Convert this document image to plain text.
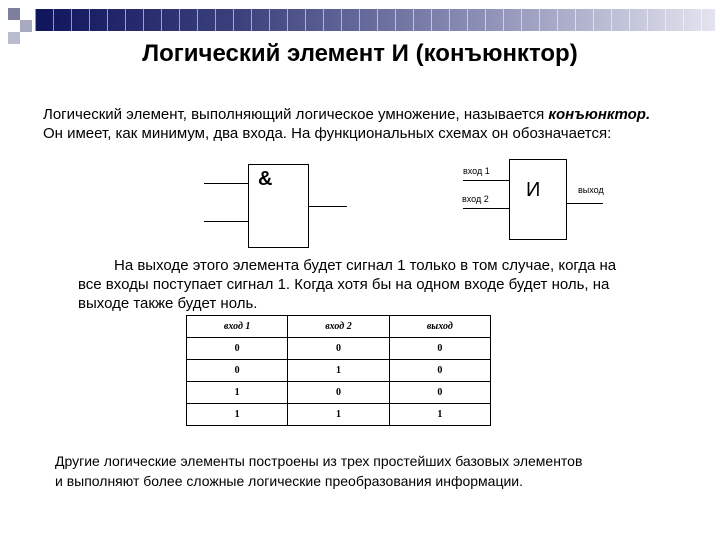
Логический элемент И (конъюнктор)
Логический элемент, выполняющий логическое умножение, называется конъюнктор.
Он имеет, как минимум, два входа. На функциональных схемах он обозначается:
&	вход 1
вход 2 И	выход
На выходе этого элемента будет сигнал 1 только в том случае, когда на
все входы поступает сигнал 1. Когда хотя бы на одном входе будет ноль, на
выходе также будет ноль.
вход 1	вход 2	выход
0	0	0
0	1	0
1	0	0
1	1	1
Другие логические элементы построены из трех простейших базовых элементов
и выполняют более сложные логические преобразования информации.
